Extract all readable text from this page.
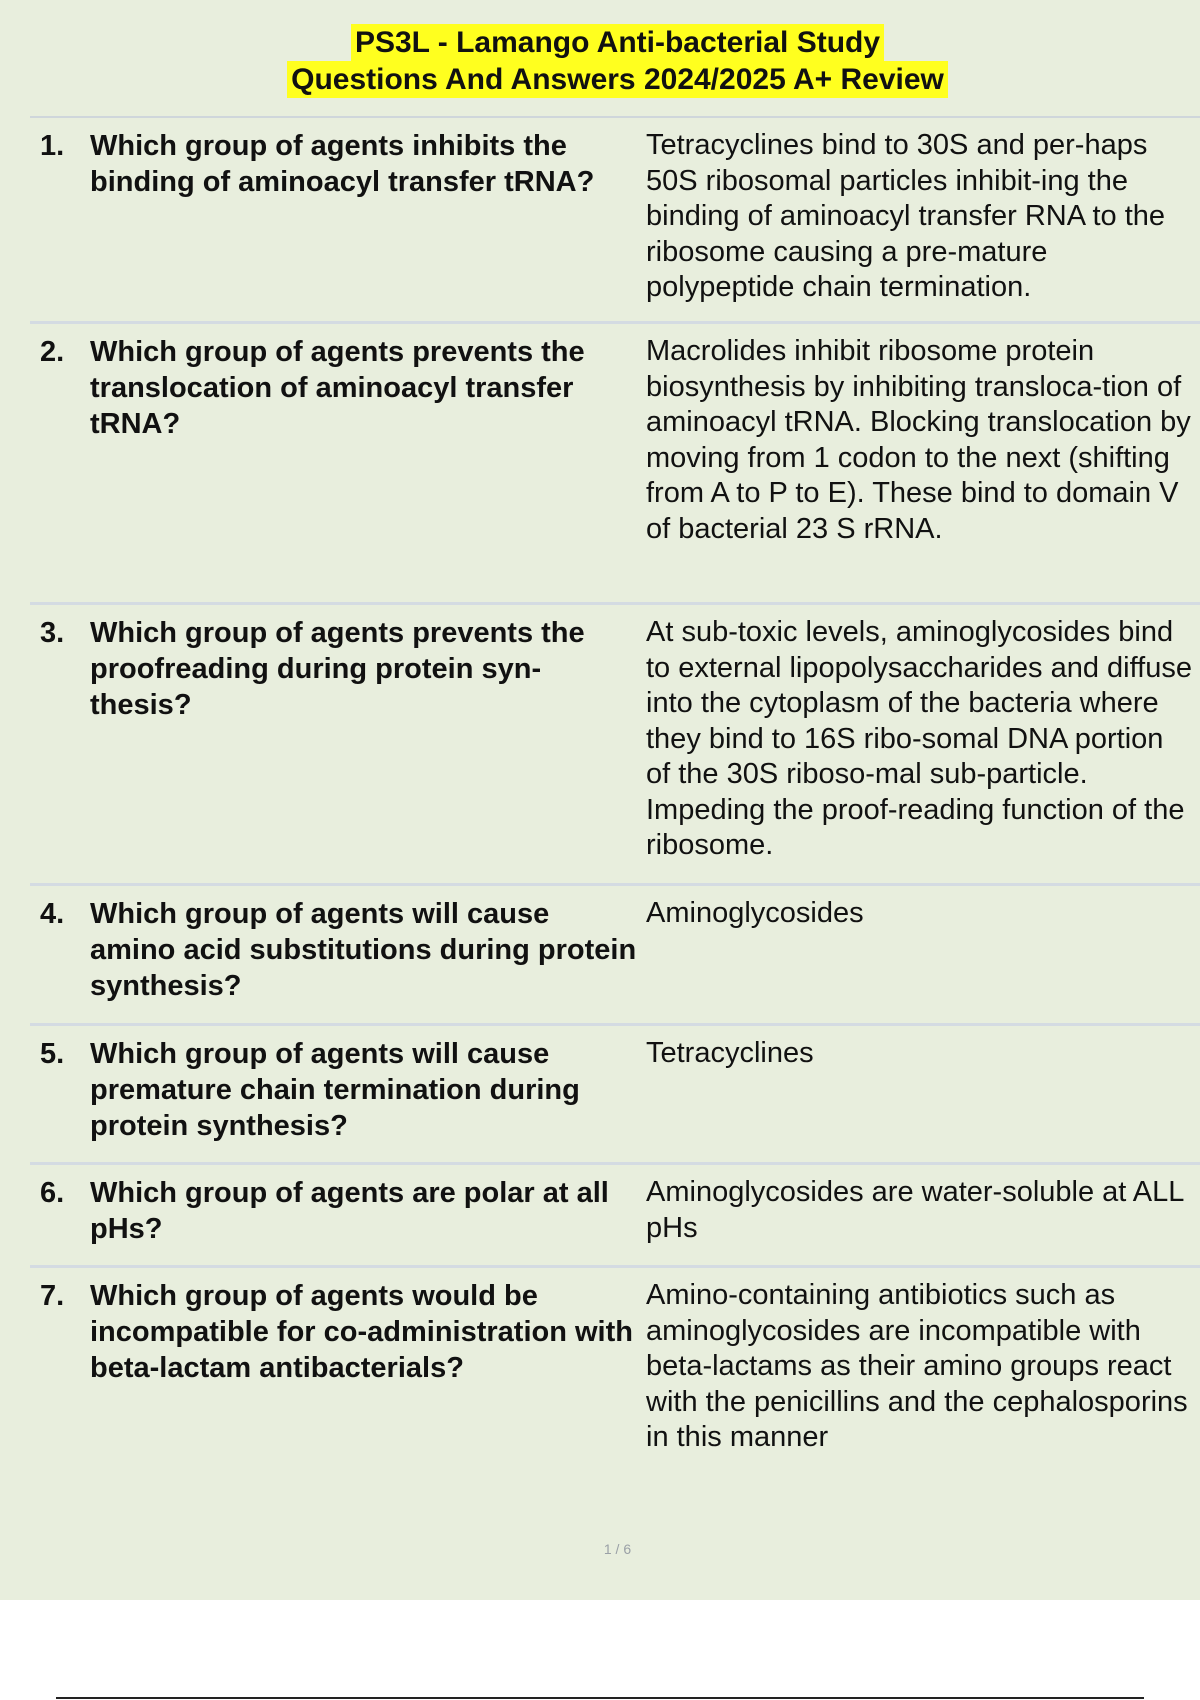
PS3L - Lamango Anti-bacterial Study
Questions And Answers 2024/2025 A+ Review
1. Which group of agents inhibits the binding of aminoacyl transfer tRNA?
Tetracyclines bind to 30S and per-haps 50S ribosomal particles inhibit-ing the binding of aminoacyl transfer RNA to the ribosome causing a pre-mature polypeptide chain termination.
2. Which group of agents prevents the translocation of aminoacyl transfer tRNA?
Macrolides inhibit ribosome protein biosynthesis by inhibiting transloca-tion of aminoacyl tRNA. Blocking translocation by moving from 1 codon to the next (shifting from A to P to E). These bind to domain V of bacterial 23 S rRNA.
3. Which group of agents prevents the proofreading during protein syn-thesis?
At sub-toxic levels, aminoglycosides bind to external lipopolysaccharides and diffuse into the cytoplasm of the bacteria where they bind to 16S ribo-somal DNA portion of the 30S riboso-mal sub-particle. Impeding the proof-reading function of the ribosome.
4. Which group of agents will cause amino acid substitutions during protein synthesis?
Aminoglycosides
5. Which group of agents will cause premature chain termination during protein synthesis?
Tetracyclines
6. Which group of agents are polar at all pHs?
Aminoglycosides are water-soluble at ALL pHs
7. Which group of agents would be incompatible for co-administration with beta-lactam antibacterials?
Amino-containing antibiotics such as aminoglycosides are incompatible with beta-lactams as their amino groups react with the penicillins and the cephalosporins in this manner
1 / 6
